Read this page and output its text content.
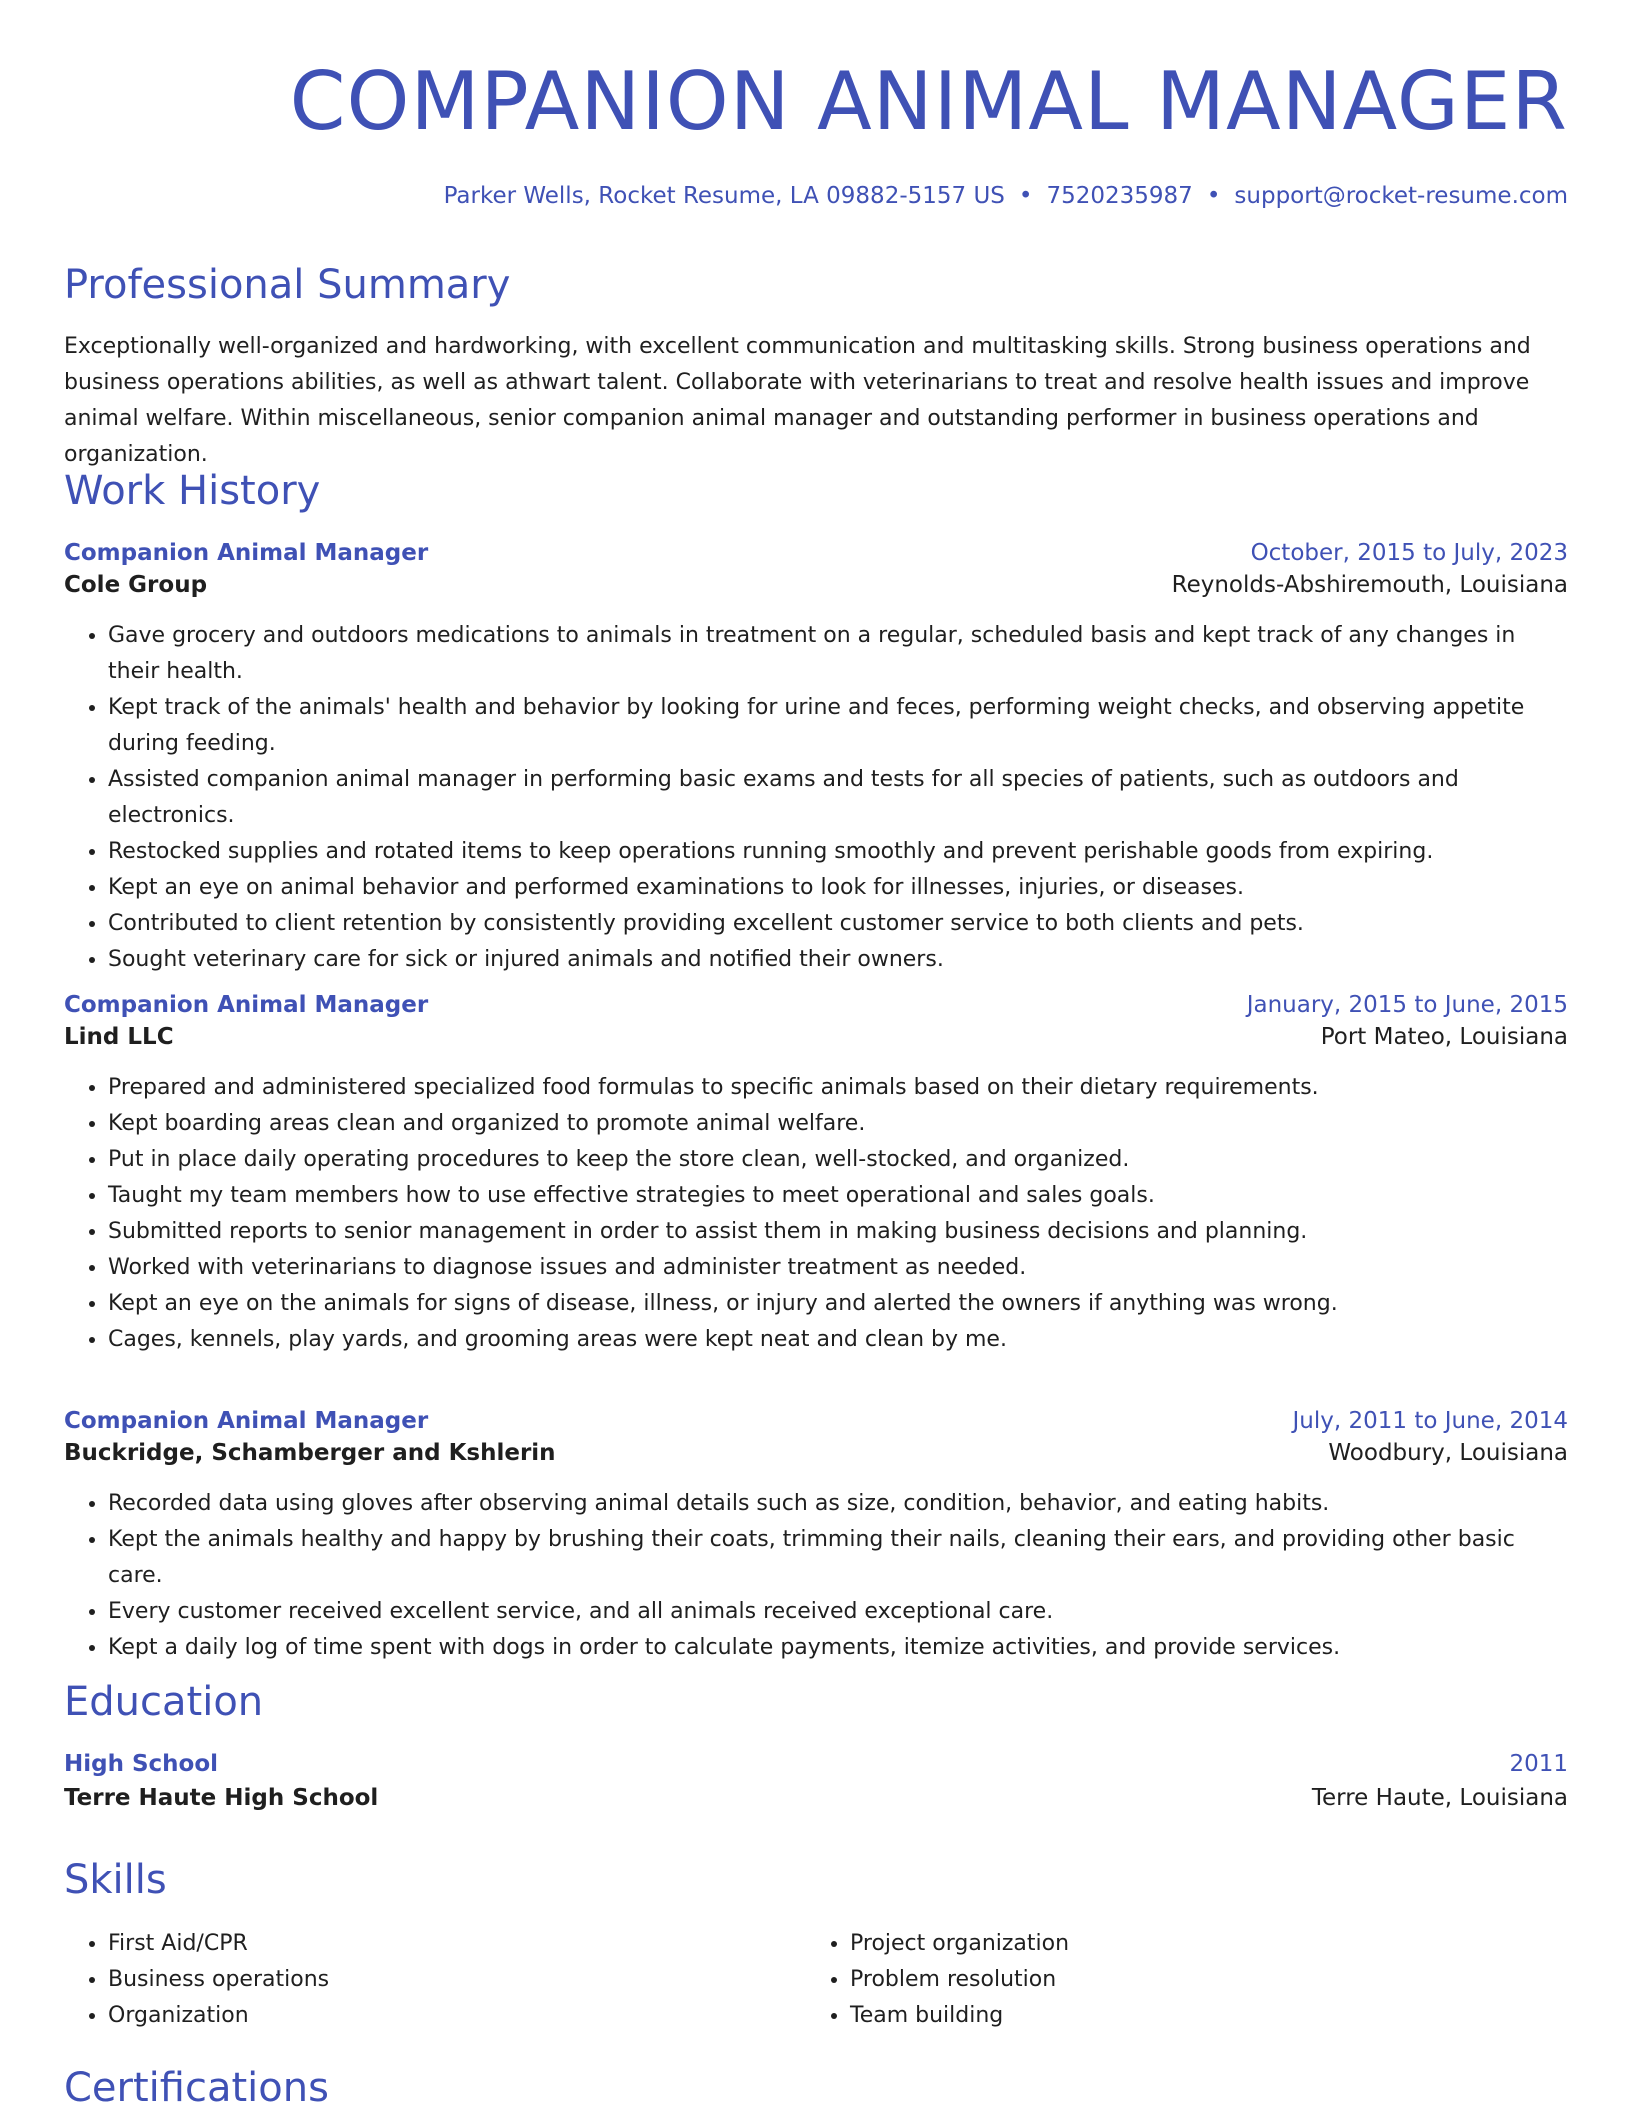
COMPANION ANIMAL MANAGER
Parker Wells, Rocket Resume, LA 09882-5157 US • 7520235987 • support@rocket-resume.com
Professional Summary
Exceptionally well-organized and hardworking, with excellent communication and multitasking skills. Strong business operations and business operations abilities, as well as athwart talent. Collaborate with veterinarians to treat and resolve health issues and improve animal welfare. Within miscellaneous, senior companion animal manager and outstanding performer in business operations and organization.
Work History
Companion Animal Manager	October, 2015 to July, 2023
Cole Group	Reynolds-Abshiremouth, Louisiana
• Gave grocery and outdoors medications to animals in treatment on a regular, scheduled basis and kept track of any changes in their health.
• Kept track of the animals' health and behavior by looking for urine and feces, performing weight checks, and observing appetite during feeding.
• Assisted companion animal manager in performing basic exams and tests for all species of patients, such as outdoors and electronics.
• Restocked supplies and rotated items to keep operations running smoothly and prevent perishable goods from expiring.
• Kept an eye on animal behavior and performed examinations to look for illnesses, injuries, or diseases.
• Contributed to client retention by consistently providing excellent customer service to both clients and pets.
• Sought veterinary care for sick or injured animals and notified their owners.
Companion Animal Manager	January, 2015 to June, 2015
Lind LLC	Port Mateo, Louisiana
• Prepared and administered specialized food formulas to specific animals based on their dietary requirements.
• Kept boarding areas clean and organized to promote animal welfare.
• Put in place daily operating procedures to keep the store clean, well-stocked, and organized.
• Taught my team members how to use effective strategies to meet operational and sales goals.
• Submitted reports to senior management in order to assist them in making business decisions and planning.
• Worked with veterinarians to diagnose issues and administer treatment as needed.
• Kept an eye on the animals for signs of disease, illness, or injury and alerted the owners if anything was wrong.
• Cages, kennels, play yards, and grooming areas were kept neat and clean by me.
Companion Animal Manager	July, 2011 to June, 2014
Buckridge, Schamberger and Kshlerin	Woodbury, Louisiana
• Recorded data using gloves after observing animal details such as size, condition, behavior, and eating habits.
• Kept the animals healthy and happy by brushing their coats, trimming their nails, cleaning their ears, and providing other basic care.
• Every customer received excellent service, and all animals received exceptional care.
• Kept a daily log of time spent with dogs in order to calculate payments, itemize activities, and provide services.
Education
High School	2011
Terre Haute High School	Terre Haute, Louisiana
Skills
• First Aid/CPR
• Business operations
• Organization
• Project organization
• Problem resolution
• Team building
Certifications
